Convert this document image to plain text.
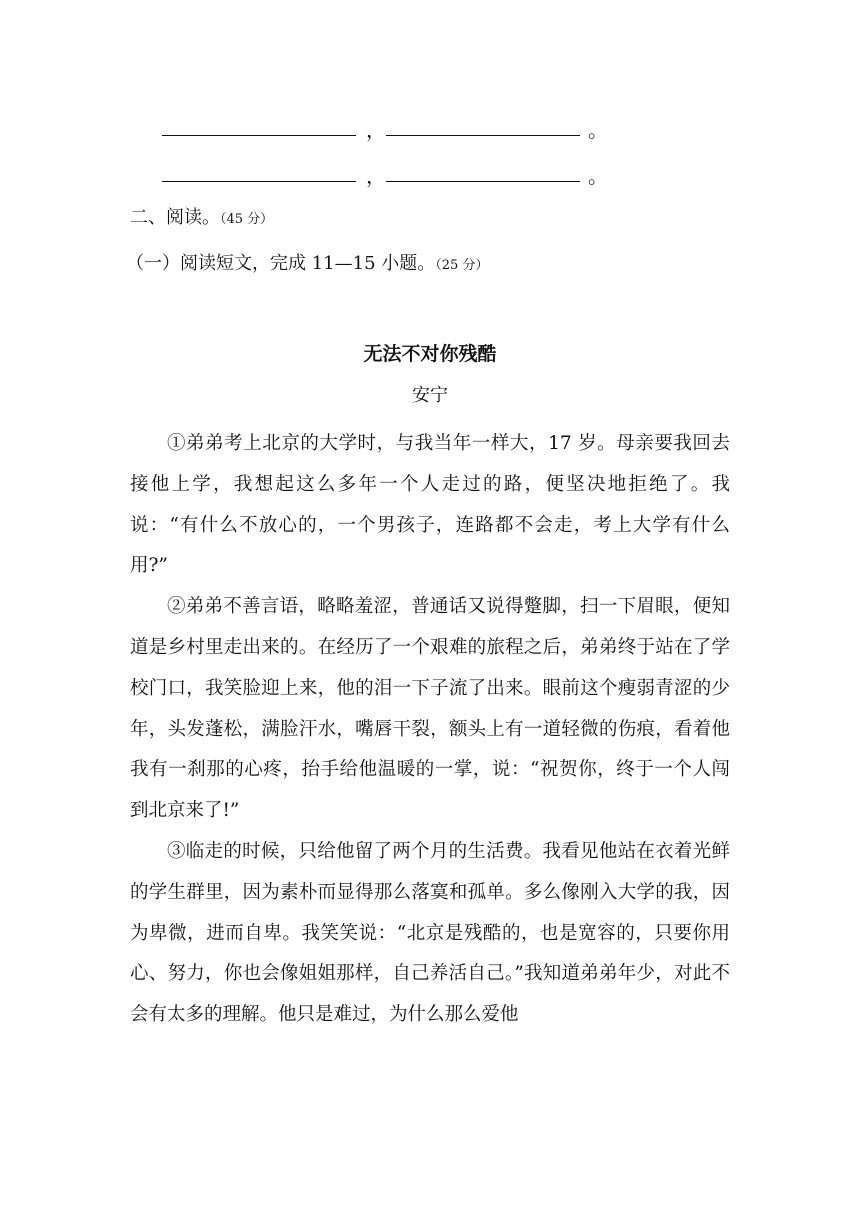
，	。
，	。
二、阅读。（45 分）
（一）阅读短文，完成 11—15 小题。（25 分）
无法不对你残酷
安宁

①弟弟考上北京的大学时，与我当年一样大，17 岁。母亲要我回去接他上学，我想起这么多年一个人走过的路，便坚决地拒绝了。我说：“有什么不放心的，一个男孩子，连路都不会走，考上大学有什么用?”

②弟弟不善言语，略略羞涩，普通话又说得蹩脚，扫一下眉眼，便知道是乡村里走出来的。在经历了一个艰难的旅程之后，弟弟终于站在了学校门口，我笑脸迎上来，他的泪一下子流了出来。眼前这个瘦弱青涩的少年，头发蓬松，满脸汗水，嘴唇干裂，额头上有一道轻微的伤痕，看着他我有一刹那的心疼，抬手给他温暖的一掌，说：“祝贺你，终于一个人闯到北京来了!”

③临走的时候，只给他留了两个月的生活费。我看见他站在衣着光鲜的学生群里，因为素朴而显得那么落寞和孤单。多么像刚入大学的我，因为卑微，进而自卑。我笑笑说：“北京是残酷的，也是宽容的，只要你用心、努力，你也会像姐姐那样，自己养活自己。”我知道弟弟年少，对此不会有太多的理解。他只是难过，为什么那么爱他
